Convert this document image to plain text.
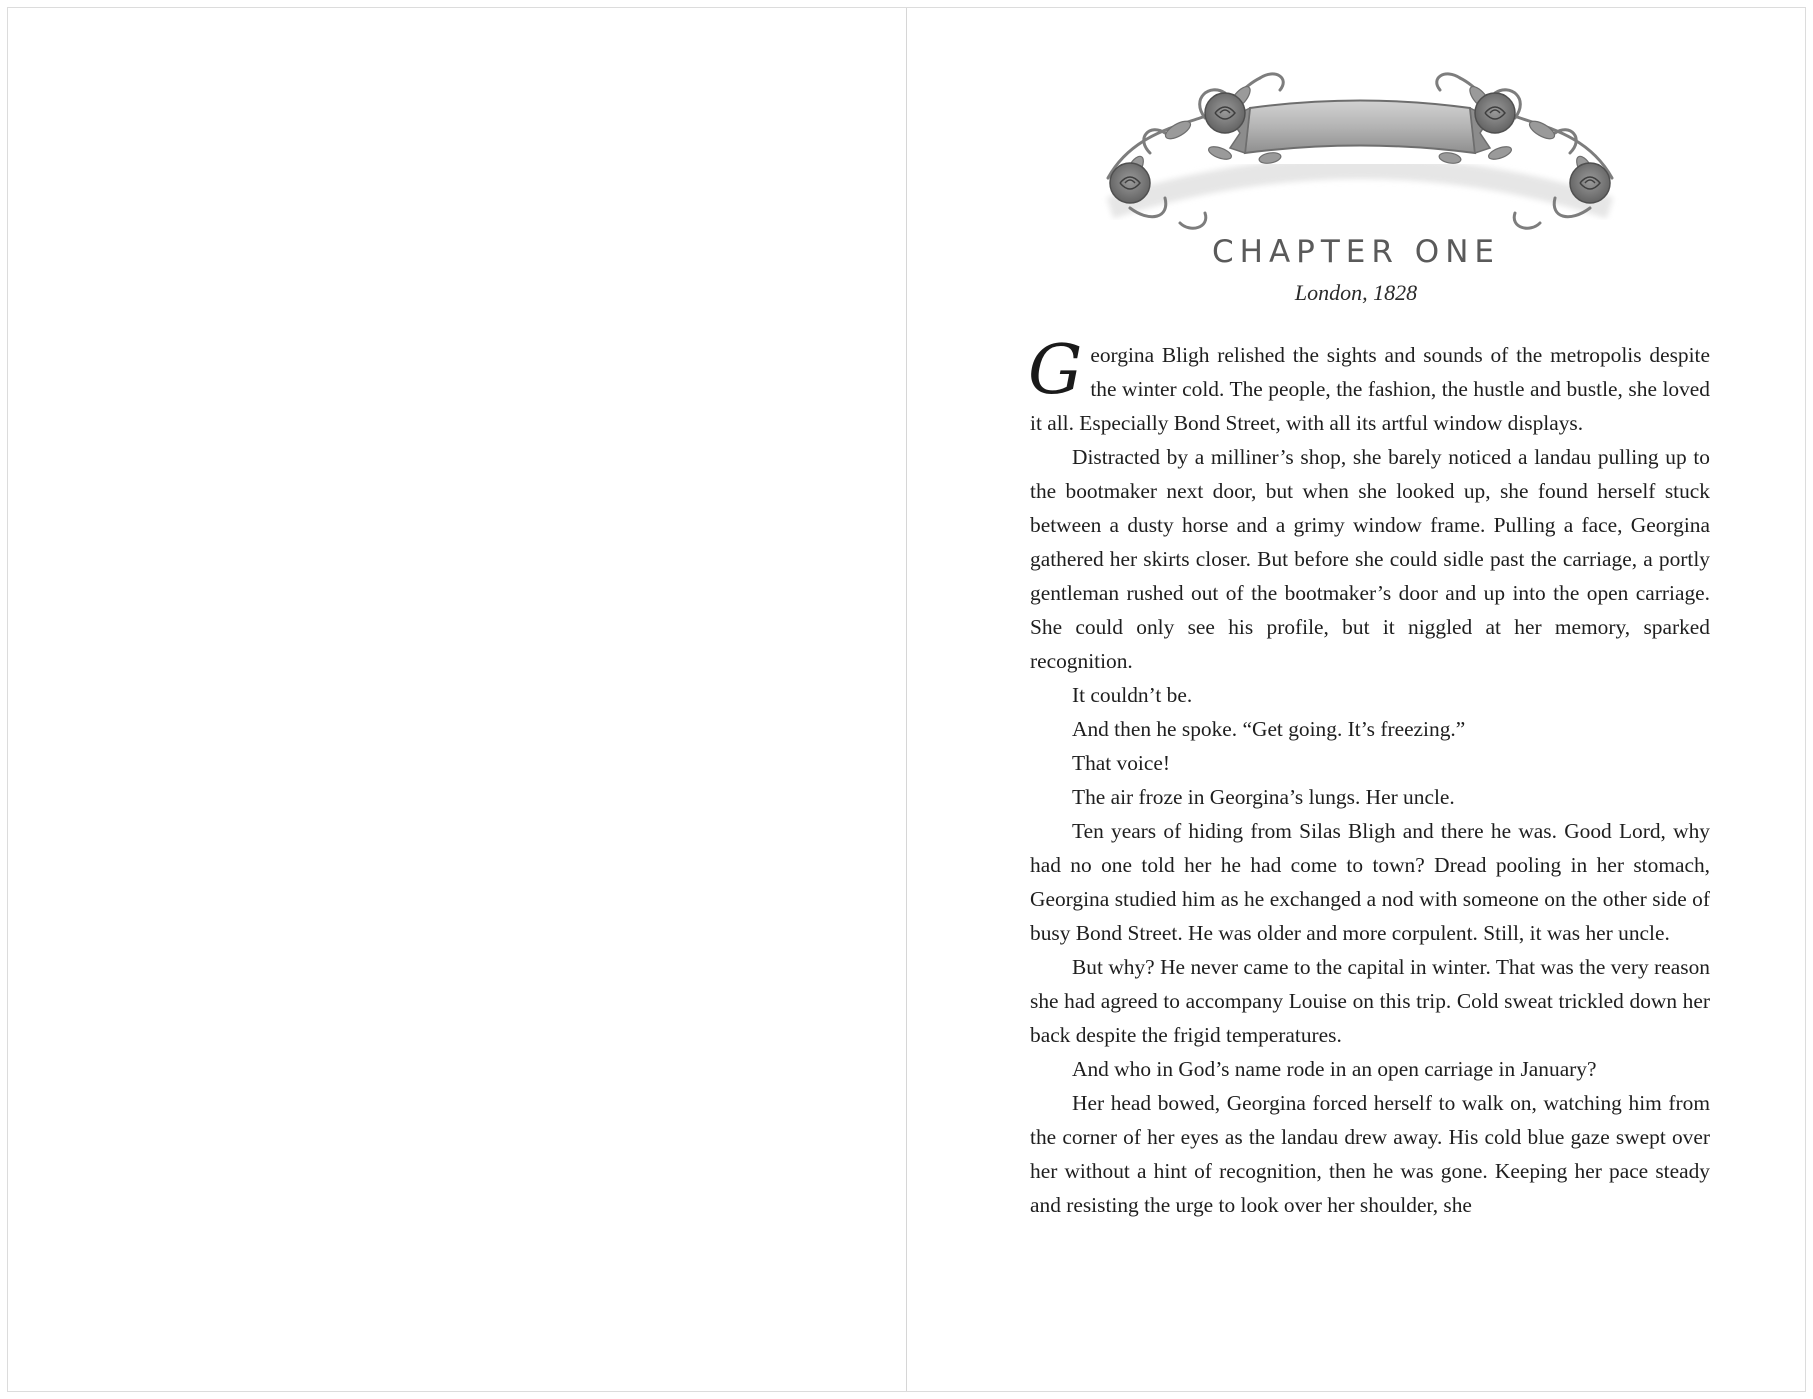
CHAPTER ONE

London, 1828

Georgina Bligh relished the sights and sounds of the metropolis despite the winter cold. The people, the fashion, the hustle and bustle, she loved it all. Especially Bond Street, with all its artful window displays.

Distracted by a milliner’s shop, she barely noticed a landau pulling up to the bootmaker next door, but when she looked up, she found herself stuck between a dusty horse and a grimy window frame. Pulling a face, Georgina gathered her skirts closer. But before she could sidle past the carriage, a portly gentleman rushed out of the bootmaker’s door and up into the open carriage. She could only see his profile, but it niggled at her memory, sparked recognition.

It couldn’t be.

And then he spoke. “Get going. It’s freezing.”

That voice!

The air froze in Georgina’s lungs. Her uncle.

Ten years of hiding from Silas Bligh and there he was. Good Lord, why had no one told her he had come to town? Dread pooling in her stomach, Georgina studied him as he exchanged a nod with someone on the other side of busy Bond Street. He was older and more corpulent. Still, it was her uncle.

But why? He never came to the capital in winter. That was the very reason she had agreed to accompany Louise on this trip. Cold sweat trickled down her back despite the frigid temperatures.

And who in God’s name rode in an open carriage in January?

Her head bowed, Georgina forced herself to walk on, watching him from the corner of her eyes as the landau drew away. His cold blue gaze swept over her without a hint of recognition, then he was gone. Keeping her pace steady and resisting the urge to look over her shoulder, she
